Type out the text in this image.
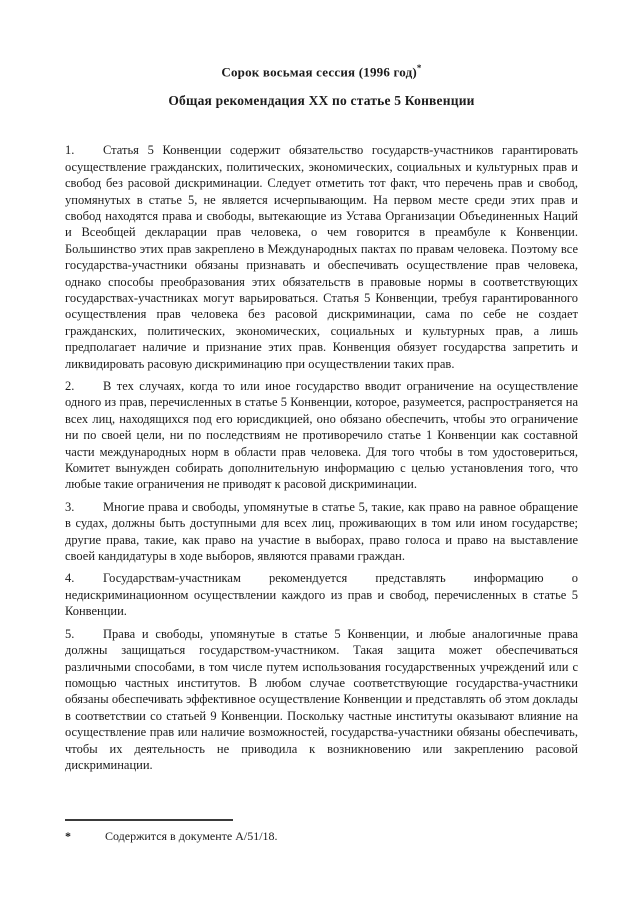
Сорок восьмая сессия (1996 год)*
Общая рекомендация XX по статье 5 Конвенции

1. Статья 5 Конвенции содержит обязательство государств-участников гарантировать осуществление гражданских, политических, экономических, социальных и культурных прав и свобод без расовой дискриминации. Следует отметить тот факт, что перечень прав и свобод, упомянутых в статье 5, не является исчерпывающим. На первом месте среди этих прав и свобод находятся права и свободы, вытекающие из Устава Организации Объединенных Наций и Всеобщей декларации прав человека, о чем говорится в преамбуле к Конвенции. Большинство этих прав закреплено в Международных пактах по правам человека. Поэтому все государства-участники обязаны признавать и обеспечивать осуществление прав человека, однако способы преобразования этих обязательств в правовые нормы в соответствующих государствах-участниках могут варьироваться. Статья 5 Конвенции, требуя гарантированного осуществления прав человека без расовой дискриминации, сама по себе не создает гражданских, политических, экономических, социальных и культурных прав, а лишь предполагает наличие и признание этих прав. Конвенция обязует государства запретить и ликвидировать расовую дискриминацию при осуществлении таких прав.

2. В тех случаях, когда то или иное государство вводит ограничение на осуществление одного из прав, перечисленных в статье 5 Конвенции, которое, разумеется, распространяется на всех лиц, находящихся под его юрисдикцией, оно обязано обеспечить, чтобы это ограничение ни по своей цели, ни по последствиям не противоречило статье 1 Конвенции как составной части международных норм в области прав человека. Для того чтобы в том удостовериться, Комитет вынужден собирать дополнительную информацию с целью установления того, что любые такие ограничения не приводят к расовой дискриминации.

3. Многие права и свободы, упомянутые в статье 5, такие, как право на равное обращение в судах, должны быть доступными для всех лиц, проживающих в том или ином государстве; другие права, такие, как право на участие в выборах, право голоса и право на выставление своей кандидатуры в ходе выборов, являются правами граждан.

4. Государствам-участникам рекомендуется представлять информацию о недискриминационном осуществлении каждого из прав и свобод, перечисленных в статье 5 Конвенции.

5. Права и свободы, упомянутые в статье 5 Конвенции, и любые аналогичные права должны защищаться государством-участником. Такая защита может обеспечиваться различными способами, в том числе путем использования государственных учреждений или с помощью частных институтов. В любом случае соответствующие государства-участники обязаны обеспечивать эффективное осуществление Конвенции и представлять об этом доклады в соответствии со статьей 9 Конвенции. Поскольку частные институты оказывают влияние на осуществление прав или наличие возможностей, государства-участники обязаны обеспечивать, чтобы их деятельность не приводила к возникновению или закреплению расовой дискриминации.

*	Содержится в документе A/51/18.
